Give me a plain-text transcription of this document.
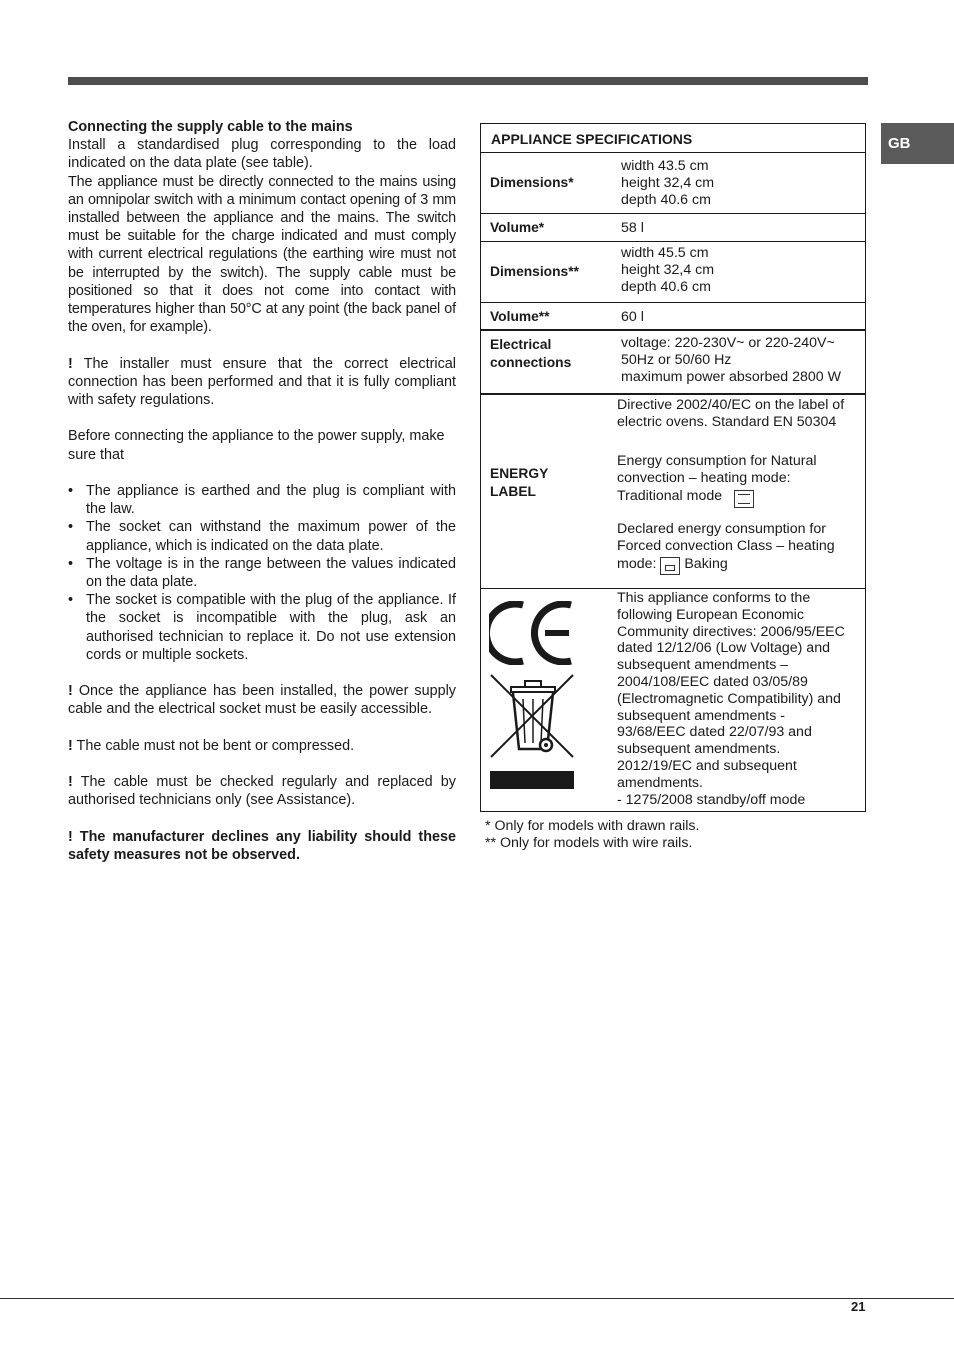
GB

Connecting the supply cable to the mains

Install a standardised plug corresponding to the load indicated on the data plate (see table).

The appliance must be directly connected to the mains using an omnipolar switch with a minimum contact opening of 3 mm installed between the appliance and the mains. The switch must be suitable for the charge indicated and must comply with current electrical regulations (the earthing wire must not be interrupted by the switch). The supply cable must be positioned so that it does not come into contact with temperatures higher than 50°C at any point (the back panel of the oven, for example).

! The installer must ensure that the correct electrical connection has been performed and that it is fully compliant with safety regulations.

Before connecting the appliance to the power supply, make sure that

• The appliance is earthed and the plug is compliant with the law.
• The socket can withstand the maximum power of the appliance, which is indicated on the data plate.
• The voltage is in the range between the values indicated on the data plate.
• The socket is compatible with the plug of the appliance. If the socket is incompatible with the plug, ask an authorised technician to replace it. Do not use extension cords or multiple sockets.

! Once the appliance has been installed, the power supply cable and the electrical socket must be easily accessible.

! The cable must not be bent or compressed.

! The cable must be checked regularly and replaced by authorised technicians only (see Assistance).

! The manufacturer declines any liability should these safety measures not be observed.

APPLIANCE SPECIFICATIONS
Dimensions*
width 43.5 cm
height 32,4 cm
depth 40.6 cm
Volume*	58 l
Dimensions**
width 45.5 cm
height 32,4 cm
depth 40.6 cm
Volume**	60 l
Electrical
connections
voltage: 220-230V~ or 220-240V~
50Hz or 50/60 Hz
maximum power absorbed 2800 W
ENERGY
LABEL
Directive 2002/40/EC on the label of
electric ovens. Standard EN 50304
Energy consumption for Natural
convection – heating mode:
Traditional mode
Declared energy consumption for
Forced convection Class – heating
mode: Baking
This appliance conforms to the
following European Economic
Community directives: 2006/95/EEC
dated 12/12/06 (Low Voltage) and
subsequent amendments –
2004/108/EEC dated 03/05/89
(Electromagnetic Compatibility) and
subsequent amendments -
93/68/EEC dated 22/07/93 and
subsequent amendments.
2012/19/EC and subsequent
amendments.
- 1275/2008 standby/off mode

* Only for models with drawn rails.

** Only for models with wire rails.

21
